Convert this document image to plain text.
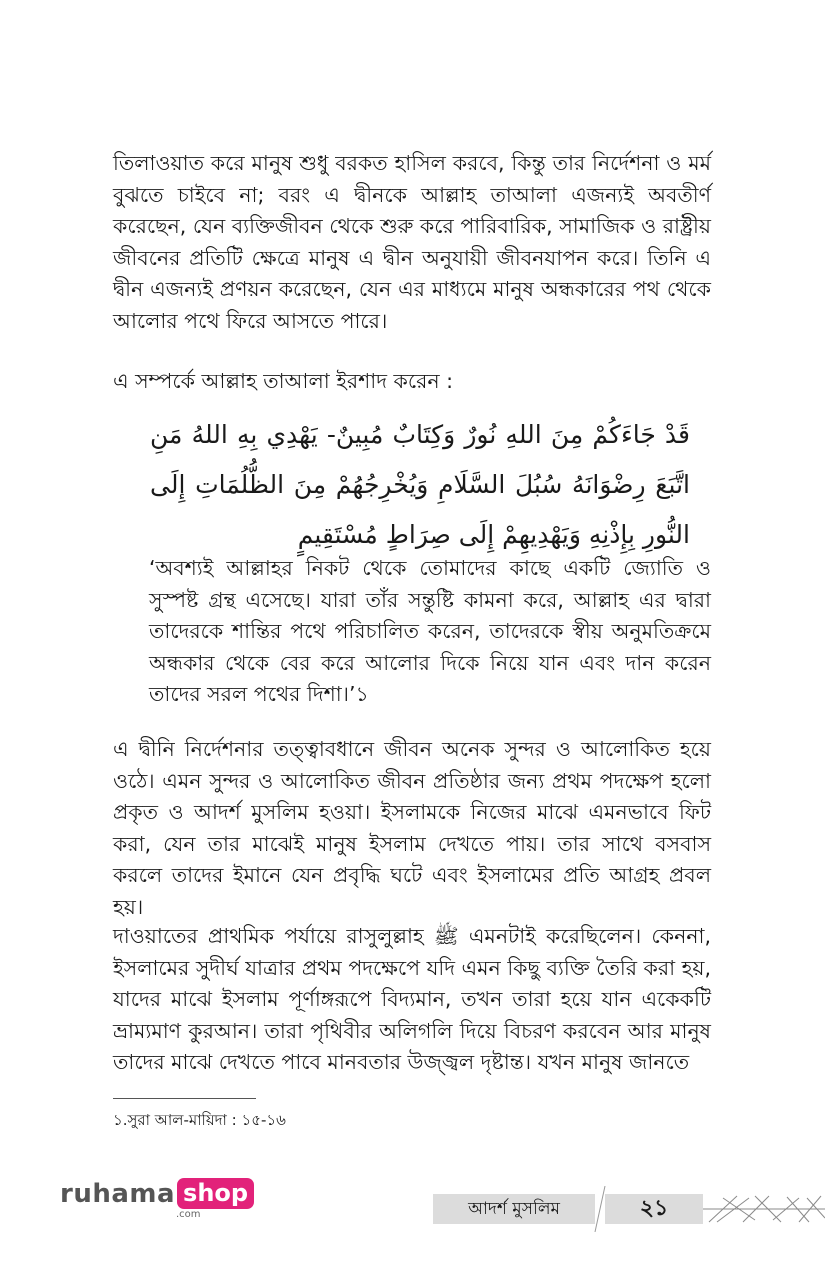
তিলাওয়াত করে মানুষ শুধু বরকত হাসিল করবে, কিন্তু তার নির্দেশনা ও মর্ম বুঝতে চাইবে না; বরং এ দ্বীনকে আল্লাহ তাআলা এজন্যই অবতীর্ণ করেছেন, যেন ব্যক্তিজীবন থেকে শুরু করে পারিবারিক, সামাজিক ও রাষ্ট্রীয় জীবনের প্রতিটি ক্ষেত্রে মানুষ এ দ্বীন অনুযায়ী জীবনযাপন করে। তিনি এ দ্বীন এজন্যই প্রণয়ন করেছেন, যেন এর মাধ্যমে মানুষ অন্ধকারের পথ থেকে আলোর পথে ফিরে আসতে পারে।

এ সম্পর্কে আল্লাহ তাআলা ইরশাদ করেন :

قَدْ جَاءَكُمْ مِنَ اللهِ نُورٌ وَكِتَابٌ مُبِينٌ- يَهْدِي بِهِ اللهُ مَنِ اتَّبَعَ رِضْوَانَهُ سُبُلَ السَّلَامِ وَيُخْرِجُهُمْ مِنَ الظُّلُمَاتِ إِلَى النُّورِ بِإِذْنِهِ وَيَهْدِيهِمْ إِلَى صِرَاطٍ مُسْتَقِيمٍ

‘অবশ্যই আল্লাহর নিকট থেকে তোমাদের কাছে একটি জ্যোতি ও সুস্পষ্ট গ্রন্থ এসেছে। যারা তাঁর সন্তুষ্টি কামনা করে, আল্লাহ এর দ্বারা তাদেরকে শান্তির পথে পরিচালিত করেন, তাদেরকে স্বীয় অনুমতিক্রমে অন্ধকার থেকে বের করে আলোর দিকে নিয়ে যান এবং দান করেন তাদের সরল পথের দিশা।’১

এ দ্বীনি নির্দেশনার তত্ত্বাবধানে জীবন অনেক সুন্দর ও আলোকিত হয়ে ওঠে। এমন সুন্দর ও আলোকিত জীবন প্রতিষ্ঠার জন্য প্রথম পদক্ষেপ হলো প্রকৃত ও আদর্শ মুসলিম হওয়া। ইসলামকে নিজের মাঝে এমনভাবে ফিট করা, যেন তার মাঝেই মানুষ ইসলাম দেখতে পায়। তার সাথে বসবাস করলে তাদের ইমানে যেন প্রবৃদ্ধি ঘটে এবং ইসলামের প্রতি আগ্রহ প্রবল হয়।

দাওয়াতের প্রাথমিক পর্যায়ে রাসুলুল্লাহ ﷺ এমনটাই করেছিলেন। কেননা, ইসলামের সুদীর্ঘ যাত্রার প্রথম পদক্ষেপে যদি এমন কিছু ব্যক্তি তৈরি করা হয়, যাদের মাঝে ইসলাম পূর্ণাঙ্গরূপে বিদ্যমান, তখন তারা হয়ে যান একেকটি ভ্রাম্যমাণ কুরআন। তারা পৃথিবীর অলিগলি দিয়ে বিচরণ করবেন আর মানুষ তাদের মাঝে দেখতে পাবে মানবতার উজ্জ্বল দৃষ্টান্ত। যখন মানুষ জানতে

১.সুরা আল-মায়িদা : ১৫-১৬

ruhama shop
.com	আদর্শ মুসলিম	২১
